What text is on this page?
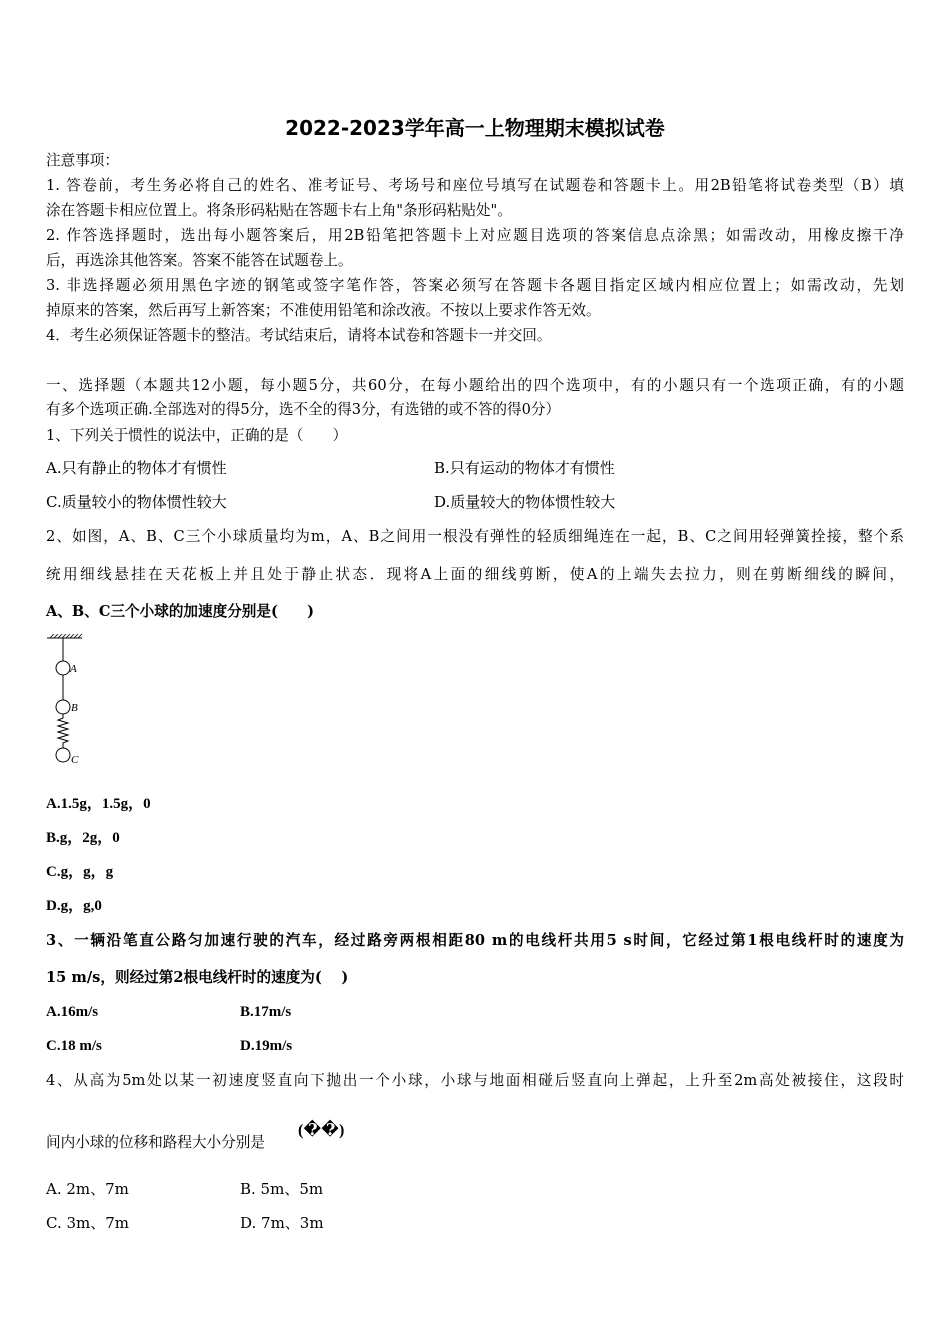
2022-2023学年高一上物理期末模拟试卷
注意事项：
1. 答卷前，考生务必将自己的姓名、准考证号、考场号和座位号填写在试题卷和答题卡上。用2B铅笔将试卷类型（B）填
涂在答题卡相应位置上。将条形码粘贴在答题卡右上角"条形码粘贴处"。
2. 作答选择题时，选出每小题答案后，用2B铅笔把答题卡上对应题目选项的答案信息点涂黑；如需改动，用橡皮擦干净
后，再选涂其他答案。答案不能答在试题卷上。
3. 非选择题必须用黑色字迹的钢笔或签字笔作答，答案必须写在答题卡各题目指定区域内相应位置上；如需改动，先划
掉原来的答案，然后再写上新答案；不准使用铅笔和涂改液。不按以上要求作答无效。
4．考生必须保证答题卡的整洁。考试结束后，请将本试卷和答题卡一并交回。
一、选择题（本题共12小题，每小题5分，共60分，在每小题给出的四个选项中，有的小题只有一个选项正确，有的小题
有多个选项正确.全部选对的得5分，选不全的得3分，有选错的或不答的得0分）
1、下列关于惯性的说法中，正确的是（　　）
A.只有静止的物体才有惯性	B.只有运动的物体才有惯性
C.质量较小的物体惯性较大	D.质量较大的物体惯性较大
2、如图，A、B、C三个小球质量均为m，A、B之间用一根没有弹性的轻质细绳连在一起，B、C之间用轻弹簧拴接，整个系
统用细线悬挂在天花板上并且处于静止状态．现将A上面的细线剪断，使A的上端失去拉力，则在剪断细线的瞬间，
A、B、C三个小球的加速度分别是(　　)
A
B
C
A.1.5g，1.5g，0
B.g，2g，0
C.g，g，g
D.g，g,0
3、一辆沿笔直公路匀加速行驶的汽车，经过路旁两根相距80 m的电线杆共用5 s时间，它经过第1根电线杆时的速度为
15 m/s，则经过第2根电线杆时的速度为(　 )
A.16m/s	B.17m/s
C.18 m/s	D.19m/s
4、从高为5m处以某一初速度竖直向下抛出一个小球，小球与地面相碰后竖直向上弹起，上升至2m高处被接住，这段时
间内小球的位移和路程大小分别是
(��)
A. 2m、7m	B. 5m、5m
C. 3m、7m	D. 7m、3m
